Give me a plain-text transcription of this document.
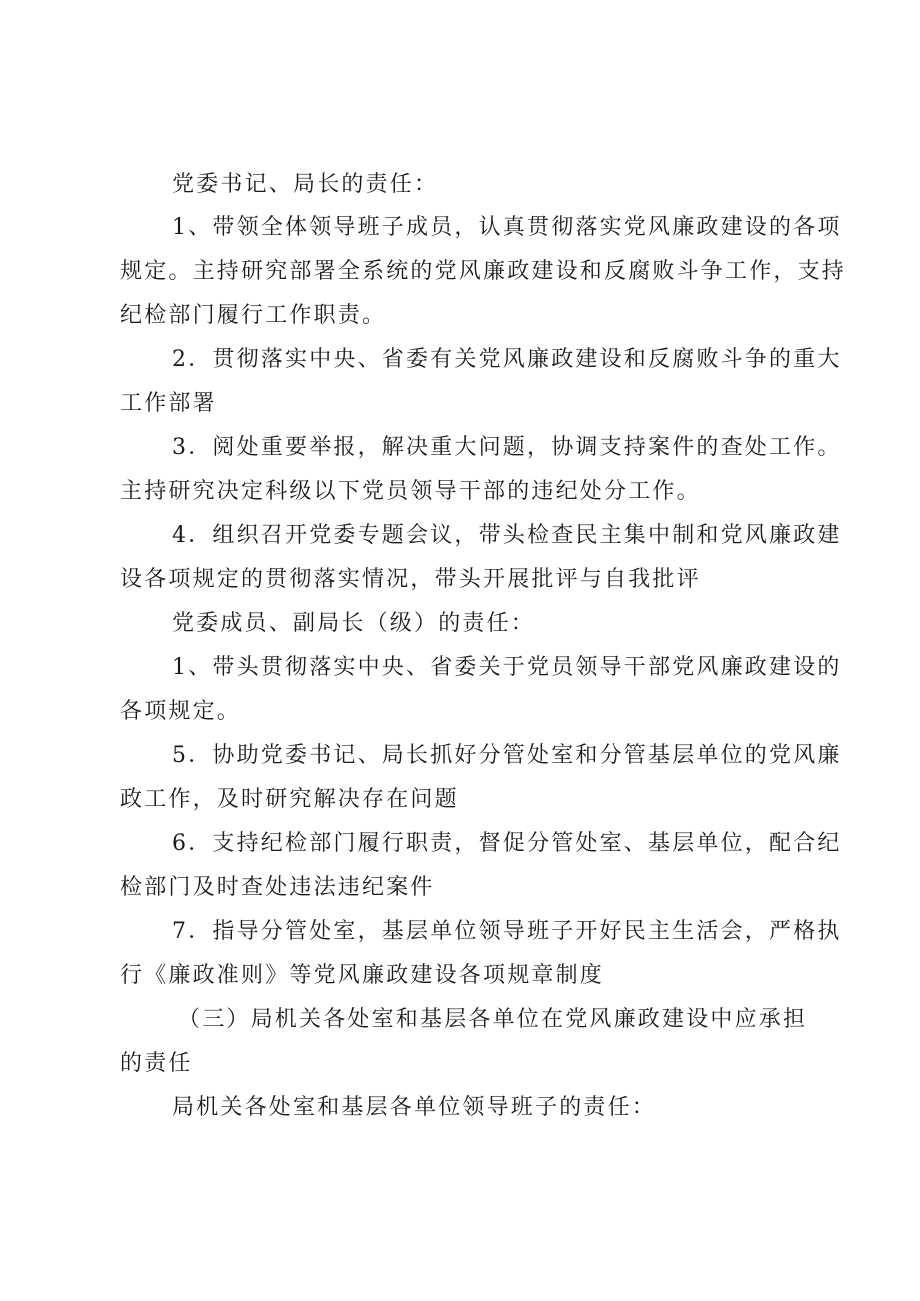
党委书记、局长的责任：
1、带领全体领导班子成员，认真贯彻落实党风廉政建设的各项
规定。主持研究部署全系统的党风廉政建设和反腐败斗争工作，支持
纪检部门履行工作职责。
2．贯彻落实中央、省委有关党风廉政建设和反腐败斗争的重大
工作部署
3．阅处重要举报，解决重大问题，协调支持案件的查处工作。
主持研究决定科级以下党员领导干部的违纪处分工作。
4．组织召开党委专题会议，带头检查民主集中制和党风廉政建
设各项规定的贯彻落实情况，带头开展批评与自我批评
党委成员、副局长（级）的责任：
1、带头贯彻落实中央、省委关于党员领导干部党风廉政建设的
各项规定。
5．协助党委书记、局长抓好分管处室和分管基层单位的党风廉
政工作，及时研究解决存在问题
6．支持纪检部门履行职责，督促分管处室、基层单位，配合纪
检部门及时查处违法违纪案件
7．指导分管处室，基层单位领导班子开好民主生活会，严格执
行《廉政准则》等党风廉政建设各项规章制度
（三）局机关各处室和基层各单位在党风廉政建设中应承担
的责任
局机关各处室和基层各单位领导班子的责任：
